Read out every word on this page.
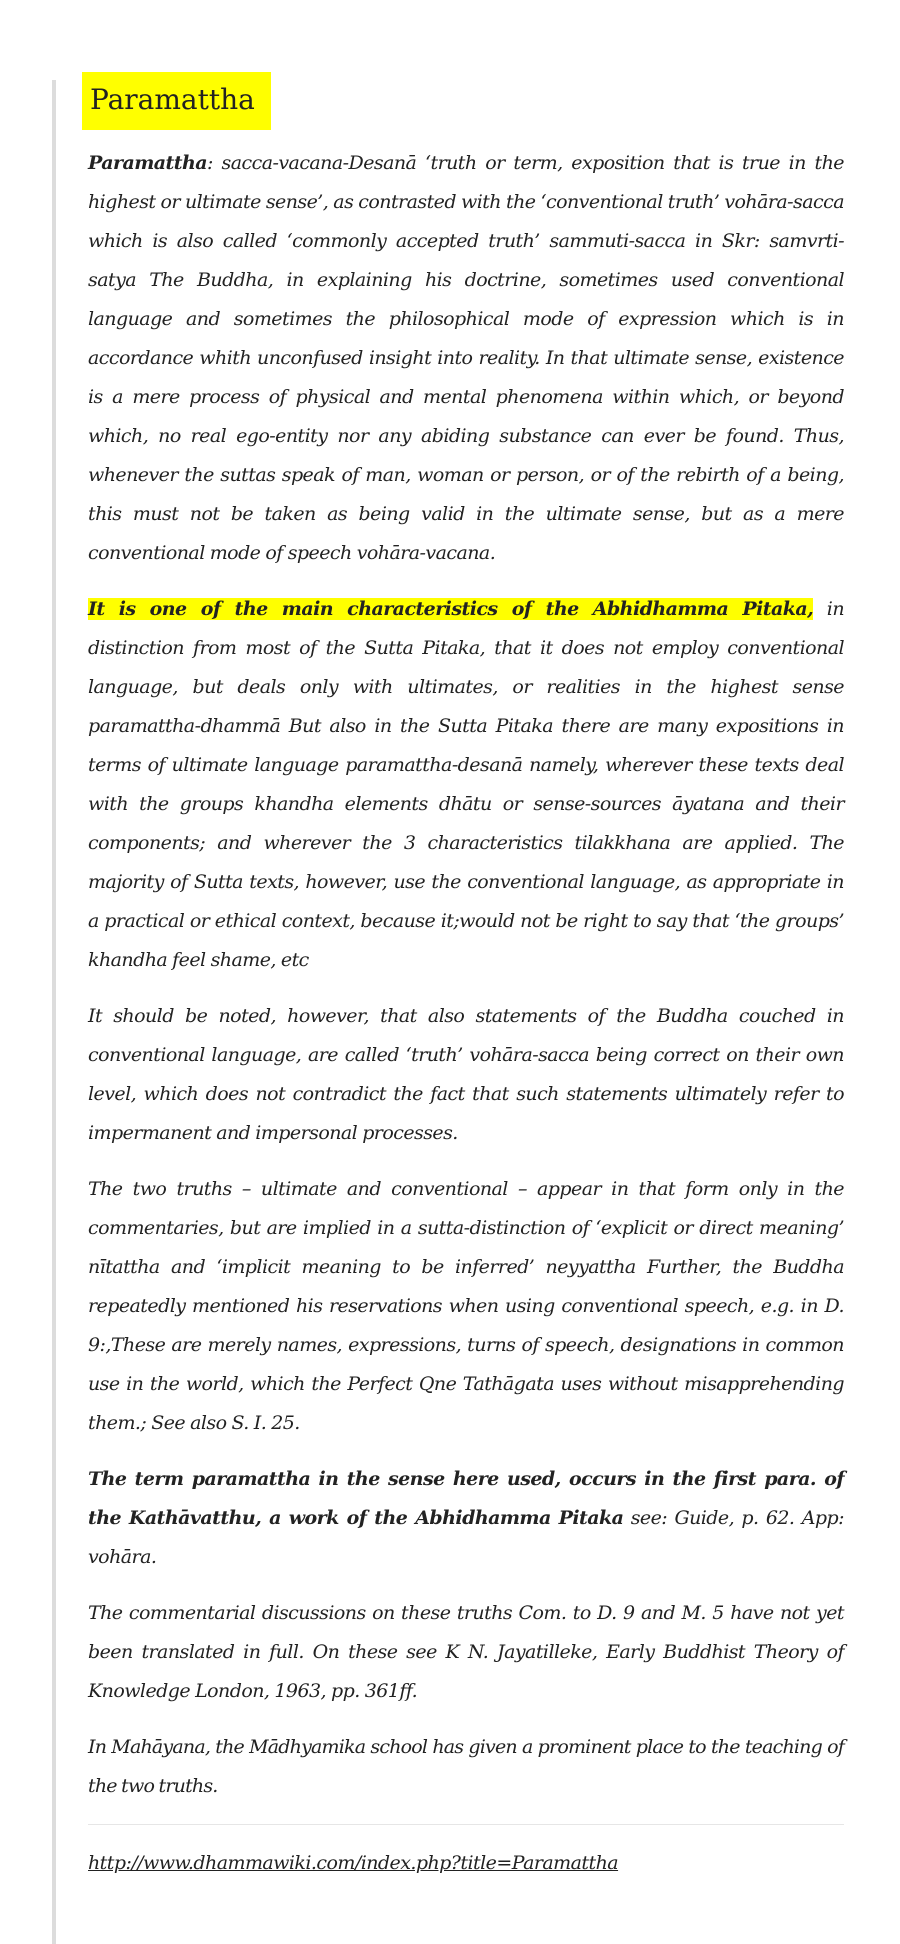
Paramattha

Paramattha: sacca-vacana-Desanā ‘truth or term, exposition that is true in the highest or ultimate sense’, as contrasted with the ‘conventional truth’ vohāra-sacca which is also called ‘commonly accepted truth’ sammuti-sacca in Skr: samvrti-satya The Buddha, in explaining his doctrine, sometimes used conventional language and sometimes the philosophical mode of expression which is in accordance whith unconfused insight into reality. In that ultimate sense, existence is a mere process of physical and mental phenomena within which, or beyond which, no real ego-entity nor any abiding substance can ever be found. Thus, whenever the suttas speak of man, woman or person, or of the rebirth of a being, this must not be taken as being valid in the ultimate sense, but as a mere conventional mode of speech vohāra-vacana.

It is one of the main characteristics of the Abhidhamma Pitaka, in distinction from most of the Sutta Pitaka, that it does not employ conventional language, but deals only with ultimates, or realities in the highest sense paramattha-dhammā But also in the Sutta Pitaka there are many expositions in terms of ultimate language paramattha-desanā namely, wherever these texts deal with the groups khandha elements dhātu or sense-sources āyatana and their components; and wherever the 3 characteristics tilakkhana are applied. The majority of Sutta texts, however, use the conventional language, as appropriate in a practical or ethical context, because it;would not be right to say that ‘the groups’ khandha feel shame, etc

It should be noted, however, that also statements of the Buddha couched in conventional language, are called ‘truth’ vohāra-sacca being correct on their own level, which does not contradict the fact that such statements ultimately refer to impermanent and impersonal processes.

The two truths – ultimate and conventional – appear in that form only in the commentaries, but are implied in a sutta-distinction of ‘explicit or direct meaning’ nītattha and ‘implicit meaning to be inferred’ neyyattha Further, the Buddha repeatedly mentioned his reservations when using conventional speech, e.g. in D. 9:,These are merely names, expressions, turns of speech, designations in common use in the world, which the Perfect Qne Tathāgata uses without misapprehending them.; See also S. I. 25.

The term paramattha in the sense here used, occurs in the first para. of the Kathāvatthu, a work of the Abhidhamma Pitaka see: Guide, p. 62. App: vohāra.

The commentarial discussions on these truths Com. to D. 9 and M. 5 have not yet been translated in full. On these see K N. Jayatilleke, Early Buddhist Theory of Knowledge London, 1963, pp. 361ff.

In Mahāyana, the Mādhyamika school has given a prominent place to the teaching of the two truths.

http://www.dhammawiki.com/index.php?title=Paramattha
